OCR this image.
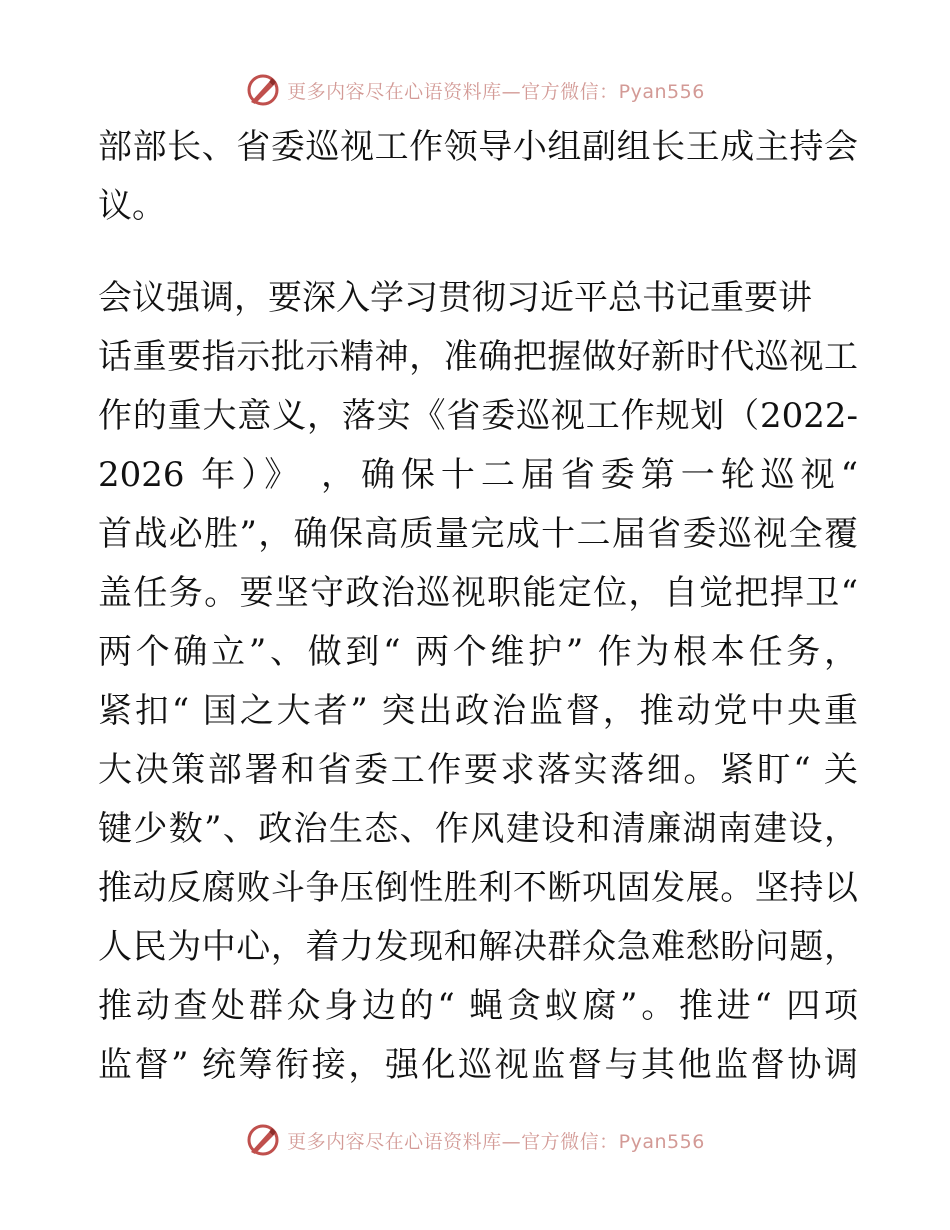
更多内容尽在心语资料库—官方微信：Pyan556
部部长、省委巡视工作领导小组副组长王成主持会
议。
会议强调，要深入学习贯彻习近平总书记重要讲
话重要指示批示精神，准确把握做好新时代巡视工
作的重大意义，落实《省委巡视工作规划（2022-
2026 年）》 ，确保十二届省委第一轮巡视“
首战必胜”，确保高质量完成十二届省委巡视全覆
盖任务。要坚守政治巡视职能定位，自觉把捍卫“
两个确立”、做到“ 两个维护” 作为根本任务，
紧扣“ 国之大者” 突出政治监督，推动党中央重
大决策部署和省委工作要求落实落细。紧盯“ 关
键少数”、政治生态、作风建设和清廉湖南建设，
推动反腐败斗争压倒性胜利不断巩固发展。坚持以
人民为中心，着力发现和解决群众急难愁盼问题，
推动查处群众身边的“ 蝇贪蚁腐”。推进“ 四项
监督” 统筹衔接，强化巡视监督与其他监督协调
更多内容尽在心语资料库—官方微信：Pyan556
